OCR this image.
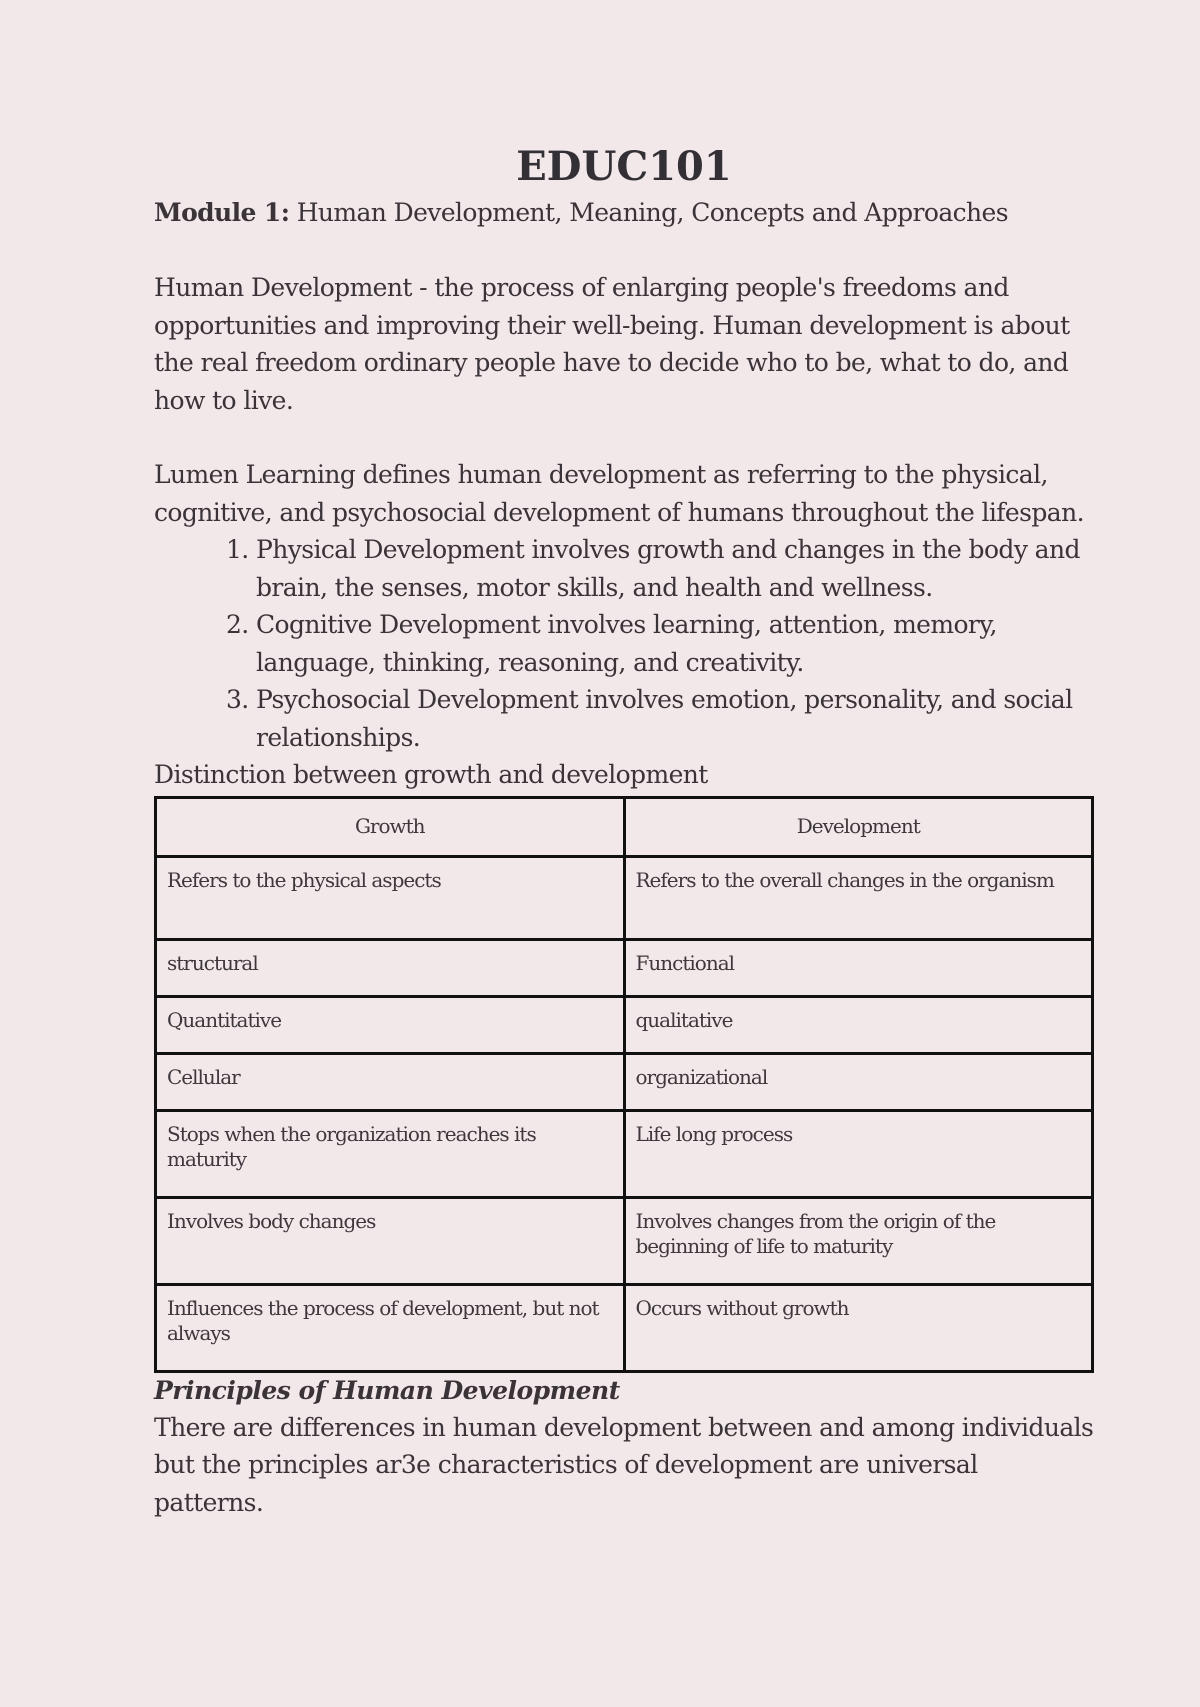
EDUC101

Module 1: Human Development, Meaning, Concepts and Approaches

Human Development - the process of enlarging people's freedoms and opportunities and improving their well-being. Human development is about the real freedom ordinary people have to decide who to be, what to do, and how to live.

Lumen Learning defines human development as referring to the physical, cognitive, and psychosocial development of humans throughout the lifespan.

1. Physical Development involves growth and changes in the body and brain, the senses, motor skills, and health and wellness.
2. Cognitive Development involves learning, attention, memory, language, thinking, reasoning, and creativity.
3. Psychosocial Development involves emotion, personality, and social relationships.

Distinction between growth and development

Growth	Development
Refers to the physical aspects	Refers to the overall changes in the organism
structural	Functional
Quantitative	qualitative
Cellular	organizational
Stops when the organization reaches its maturity	Life long process
Involves body changes	Involves changes from the origin of the beginning of life to maturity
Influences the process of development, but not always	Occurs without growth

Principles of Human Development

There are differences in human development between and among individuals but the principles ar3e characteristics of development are universal patterns.
